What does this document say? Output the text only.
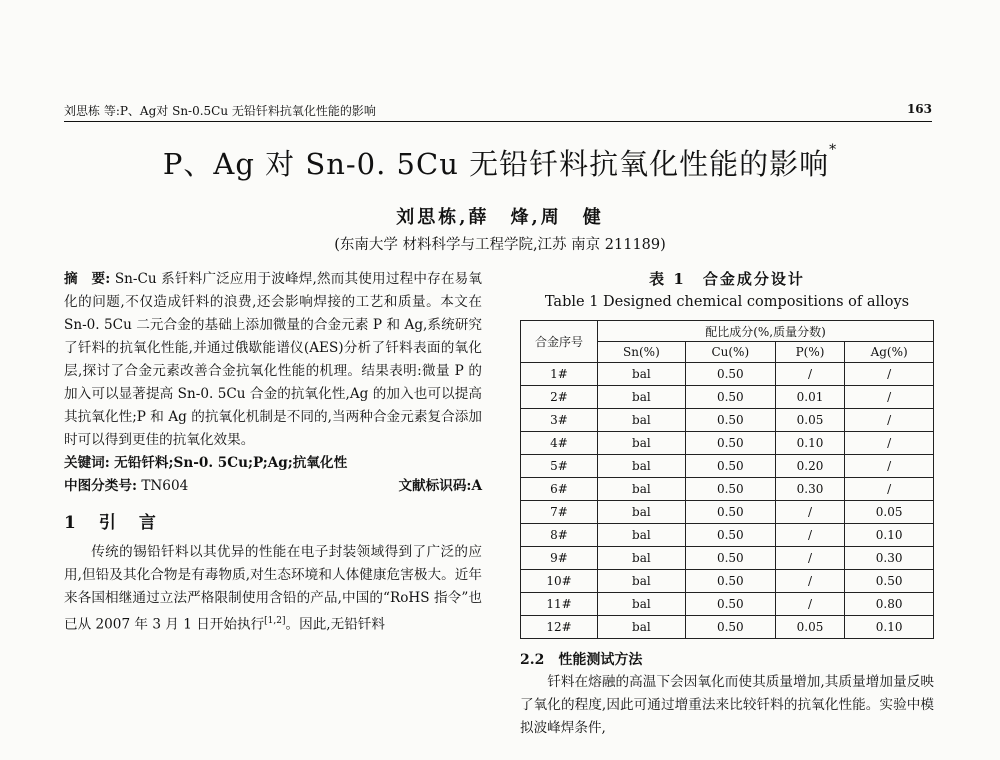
刘思栋 等:P、Ag对 Sn-0.5Cu 无铅钎料抗氧化性能的影响	163
P、Ag 对 Sn-0. 5Cu 无铅钎料抗氧化性能的影响*
刘思栋,薛　烽,周　健
(东南大学 材料科学与工程学院,江苏 南京 211189)

摘　要: Sn-Cu 系钎料广泛应用于波峰焊,然而其使用过程中存在易氧化的问题,不仅造成钎料的浪费,还会影响焊接的工艺和质量。本文在 Sn-0. 5Cu 二元合金的基础上添加微量的合金元素 P 和 Ag,系统研究了钎料的抗氧化性能,并通过俄歇能谱仪(AES)分析了钎料表面的氧化层,探讨了合金元素改善合金抗氧化性能的机理。结果表明:微量 P 的加入可以显著提高 Sn-0. 5Cu 合金的抗氧化性,Ag 的加入也可以提高其抗氧化性;P 和 Ag 的抗氧化机制是不同的,当两种合金元素复合添加时可以得到更佳的抗氧化效果。

关键词: 无铅钎料;Sn-0. 5Cu;P;Ag;抗氧化性

中图分类号: TN604	文献标识码:A
1　引　言

传统的锡铅钎料以其优异的性能在电子封装领域得到了广泛的应用,但铅及其化合物是有毒物质,对生态环境和人体健康危害极大。近年来各国相继通过立法严格限制使用含铅的产品,中国的“RoHS 指令”也已从 2007 年 3 月 1 日开始执行[1,2]。因此,无铅钎料

表 1　合金成分设计
Table 1 Designed chemical compositions of alloys
合金序号	配比成分(%,质量分数)			
	Sn(%)	Cu(%)	P(%)	Ag(%)
1#	bal	0.50	/	/
2#	bal	0.50	0.01	/
3#	bal	0.50	0.05	/
4#	bal	0.50	0.10	/
5#	bal	0.50	0.20	/
6#	bal	0.50	0.30	/
7#	bal	0.50	/	0.05
8#	bal	0.50	/	0.10
9#	bal	0.50	/	0.30
10#	bal	0.50	/	0.50
11#	bal	0.50	/	0.80
12#	bal	0.50	0.05	0.10
2.2　性能测试方法

钎料在熔融的高温下会因氧化而使其质量增加,其质量增加量反映了氧化的程度,因此可通过增重法来比较钎料的抗氧化性能。实验中模拟波峰焊条件,
